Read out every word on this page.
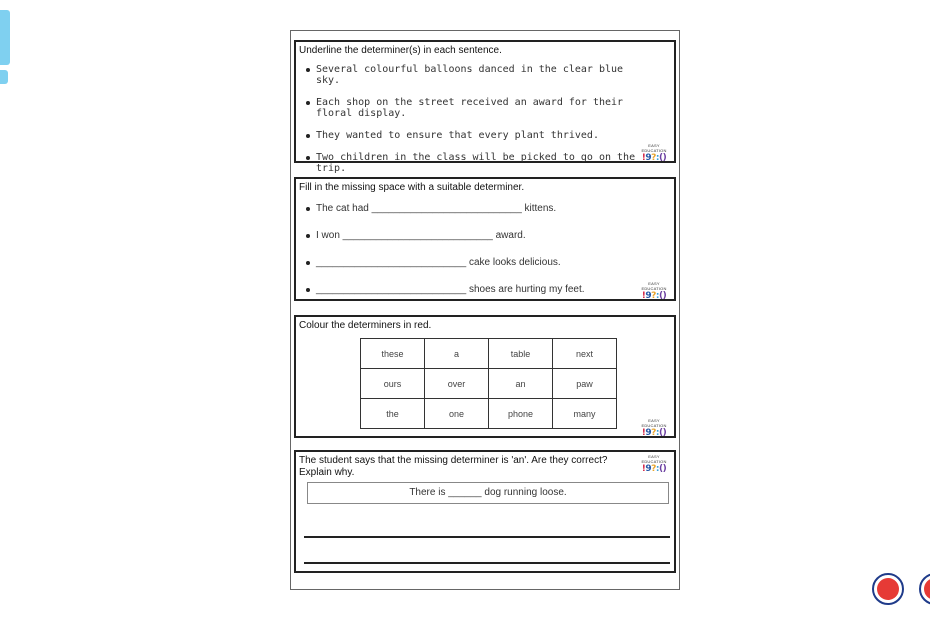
Underline the determiner(s) in each sentence.
Several colourful balloons danced in the clear blue sky.
Each shop on the street received an award for their floral display.
They wanted to ensure that every plant thrived.
Two children in the class will be picked to go on the trip.
EASY EDUCATION
!9?:()
Fill in the missing space with a suitable determiner.
The cat had ___________________________ kittens.
I won ___________________________ award.
___________________________ cake looks delicious.
___________________________ shoes are hurting my feet.
EASY EDUCATION
!9?:()
Colour the determiners in red.
these	a	table	next
ours	over	an	paw
the	one	phone	many
EASY EDUCATION
!9?:()
The student says that the missing determiner is 'an'. Are they correct? Explain why.
There is ______ dog running loose.
EASY EDUCATION
!9?:()
